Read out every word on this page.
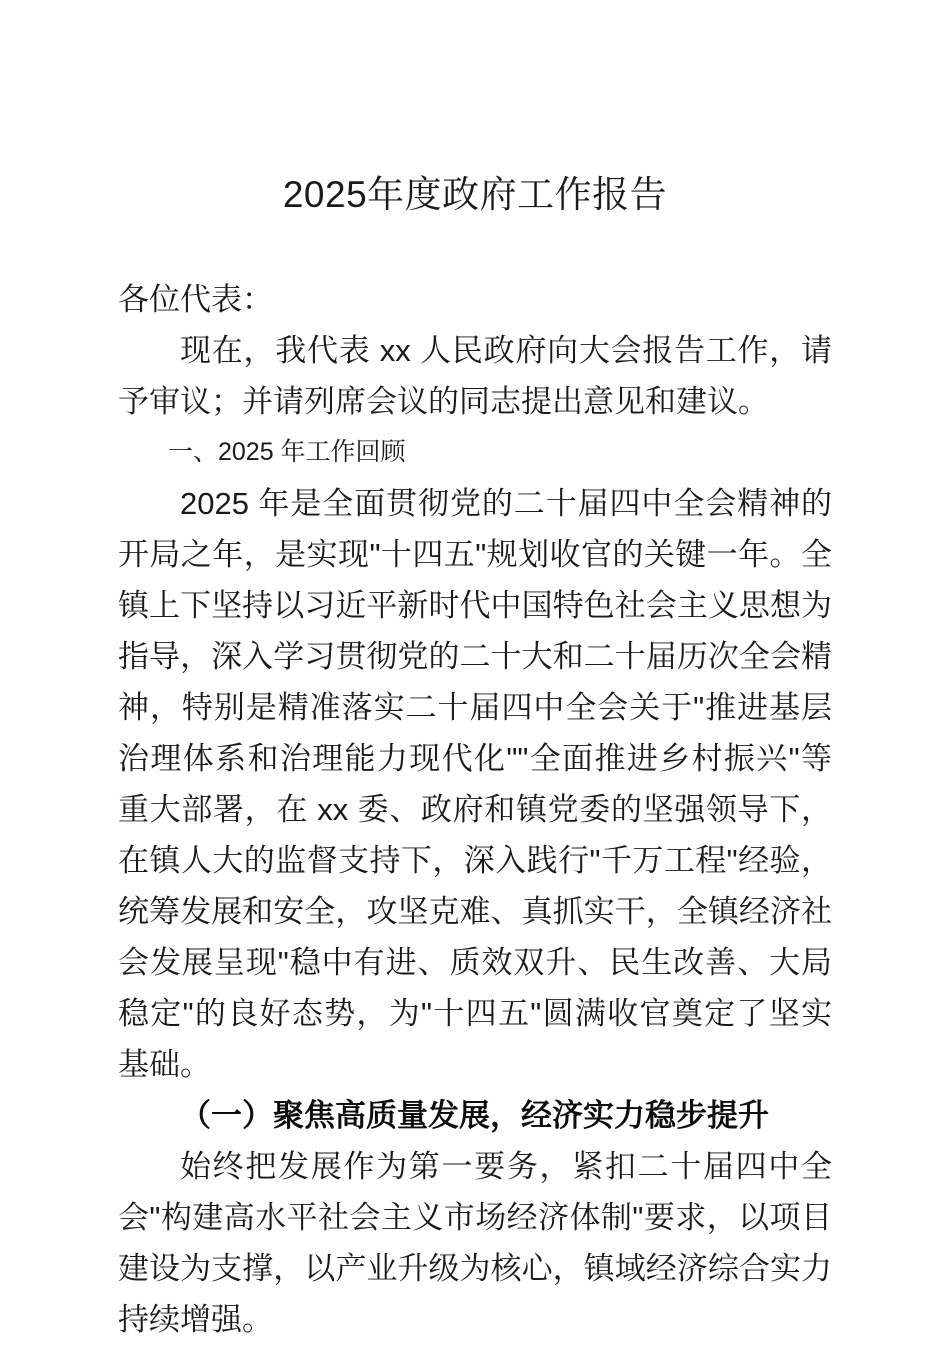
2025年度政府工作报告

各位代表：

现在，我代表 xx 人民政府向大会报告工作，请予审议；并请列席会议的同志提出意见和建议。

一、2025 年工作回顾

2025 年是全面贯彻党的二十届四中全会精神的开局之年，是实现"十四五"规划收官的关键一年。全镇上下坚持以习近平新时代中国特色社会主义思想为指导，深入学习贯彻党的二十大和二十届历次全会精神，特别是精准落实二十届四中全会关于"推进基层治理体系和治理能力现代化""全面推进乡村振兴"等重大部署，在 xx 委、政府和镇党委的坚强领导下，在镇人大的监督支持下，深入践行"千万工程"经验，统筹发展和安全，攻坚克难、真抓实干，全镇经济社会发展呈现"稳中有进、质效双升、民生改善、大局稳定"的良好态势，为"十四五"圆满收官奠定了坚实基础。

（一）聚焦高质量发展，经济实力稳步提升

始终把发展作为第一要务，紧扣二十届四中全会"构建高水平社会主义市场经济体制"要求，以项目建设为支撑，以产业升级为核心，镇域经济综合实力持续增强。
